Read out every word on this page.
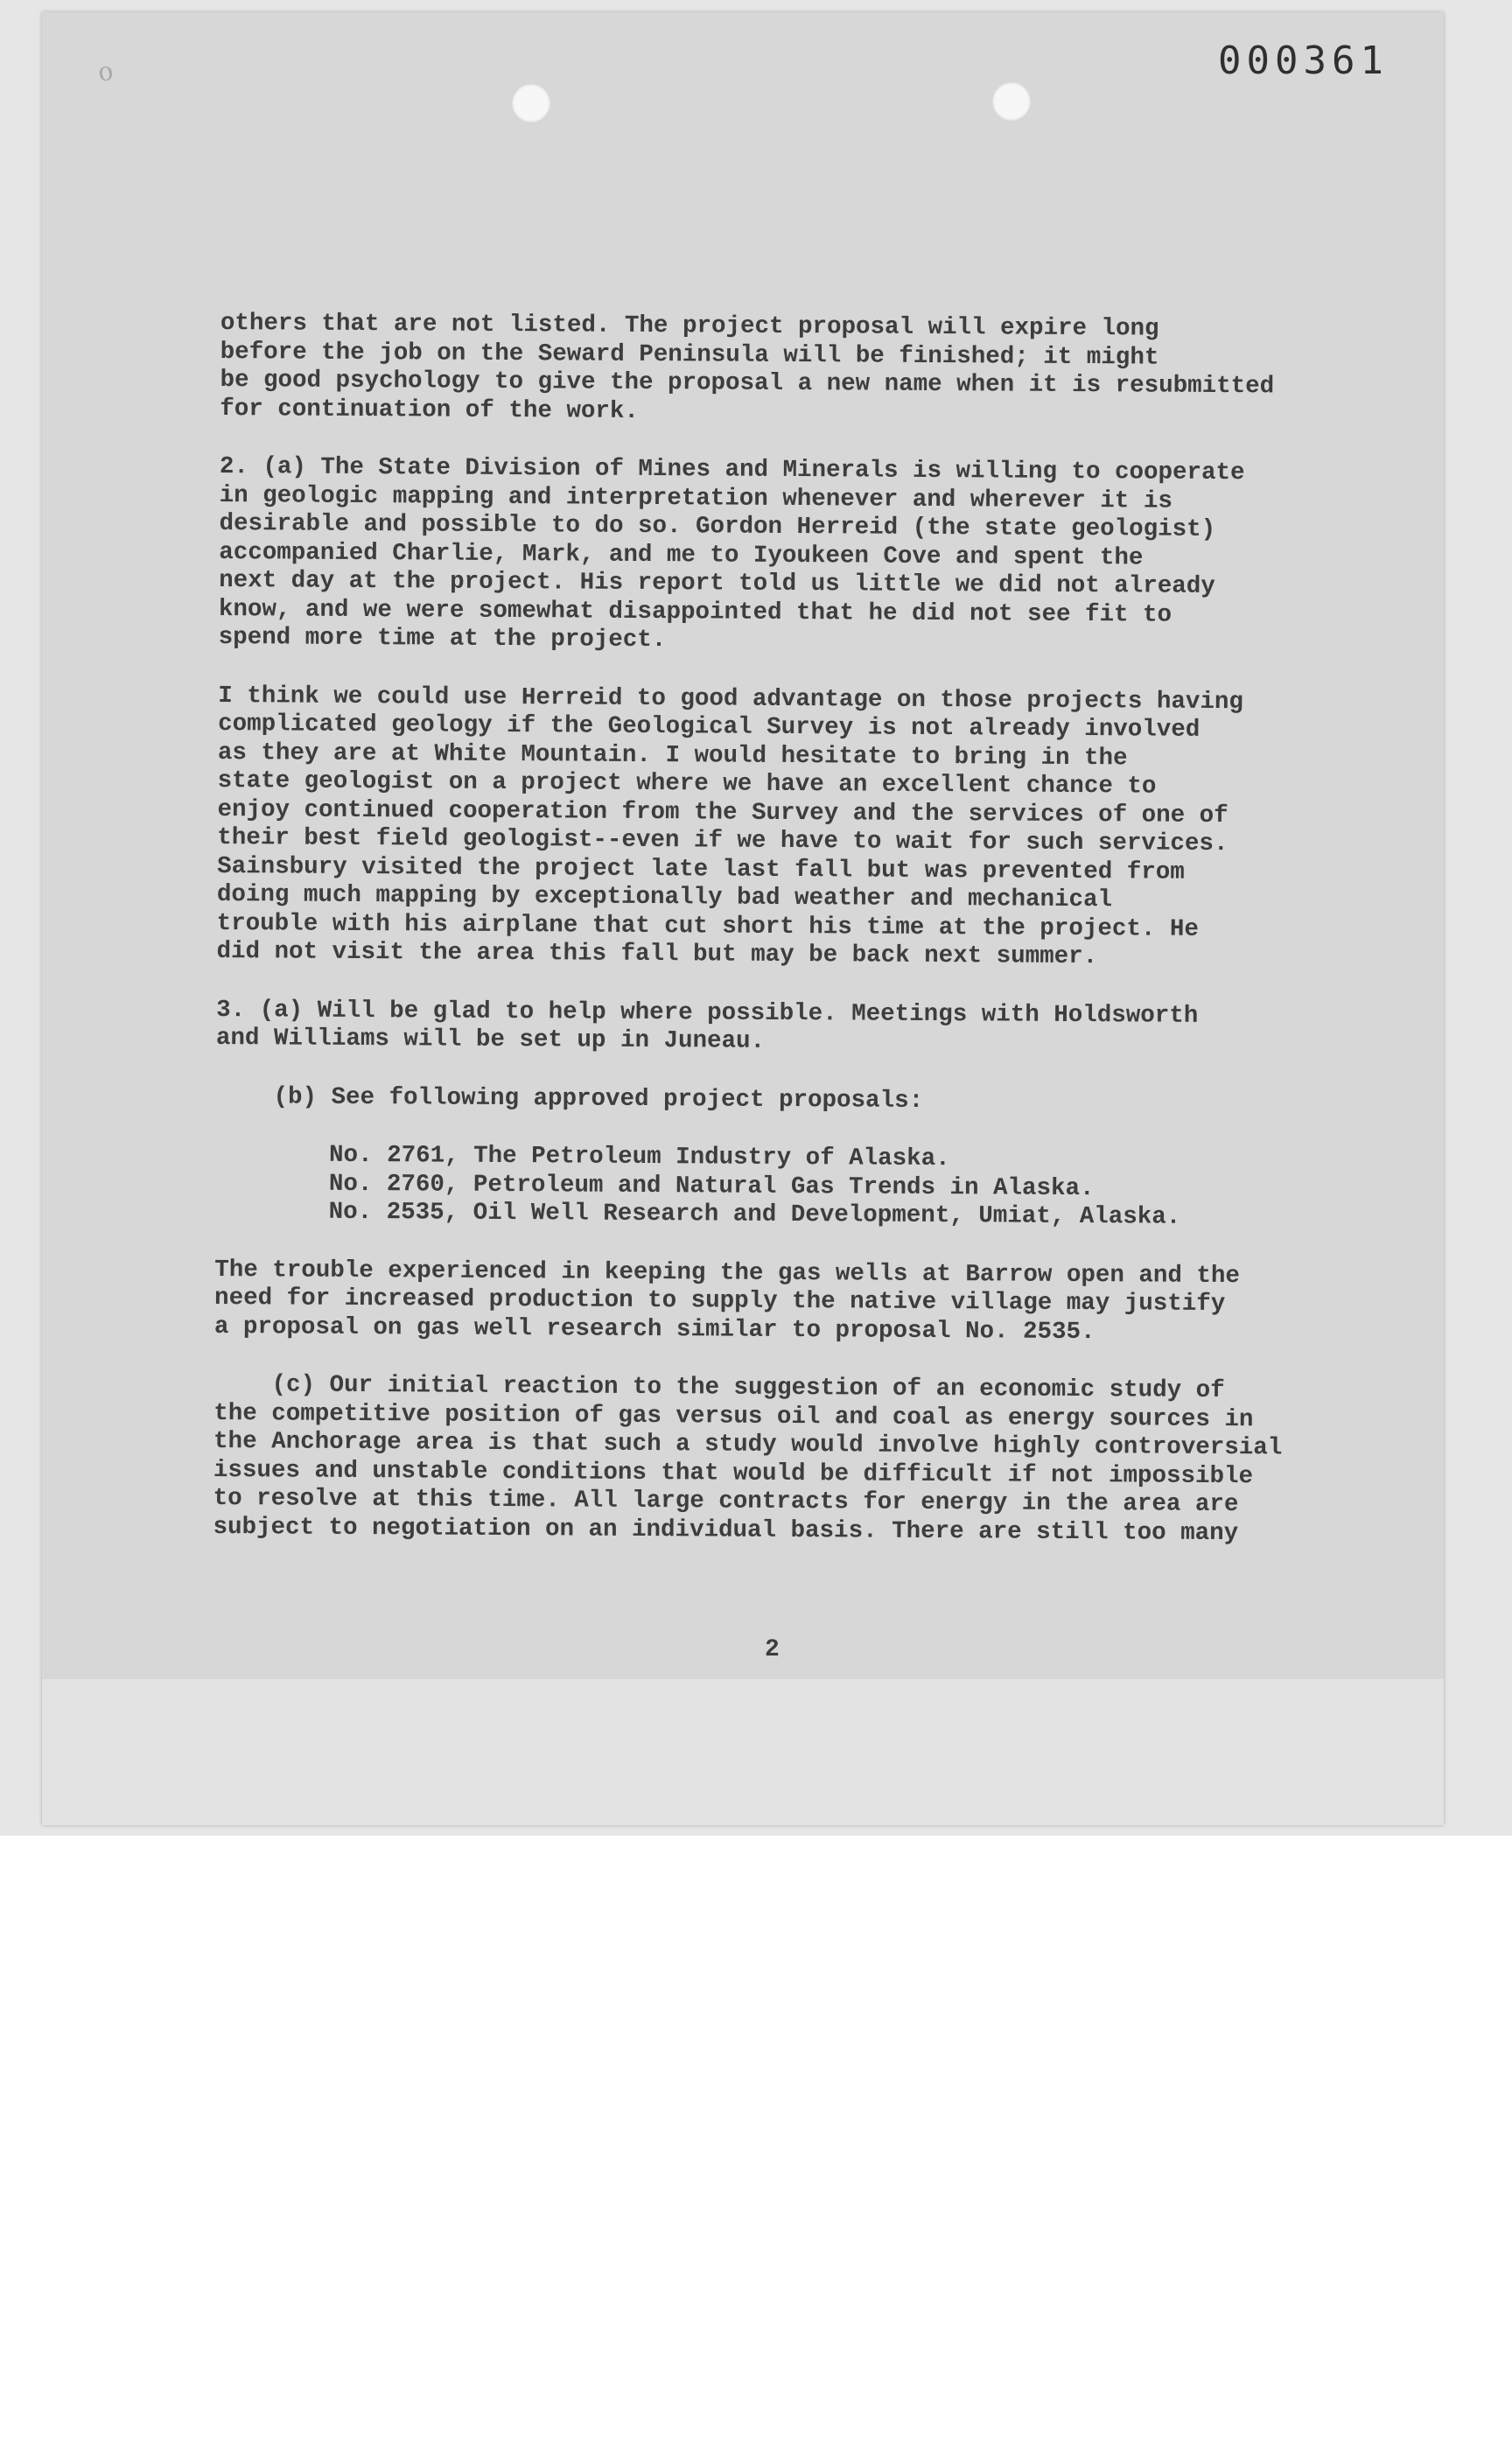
ℴ	000361

others that are not listed. The project proposal will expire long
before the job on the Seward Peninsula will be finished; it might
be good psychology to give the proposal a new name when it is resubmitted
for continuation of the work.

2. (a) The State Division of Mines and Minerals is willing to cooperate
in geologic mapping and interpretation whenever and wherever it is
desirable and possible to do so. Gordon Herreid (the state geologist)
accompanied Charlie, Mark, and me to Iyoukeen Cove and spent the
next day at the project. His report told us little we did not already
know, and we were somewhat disappointed that he did not see fit to
spend more time at the project.

I think we could use Herreid to good advantage on those projects having
complicated geology if the Geological Survey is not already involved
as they are at White Mountain. I would hesitate to bring in the
state geologist on a project where we have an excellent chance to
enjoy continued cooperation from the Survey and the services of one of
their best field geologist--even if we have to wait for such services.
Sainsbury visited the project late last fall but was prevented from
doing much mapping by exceptionally bad weather and mechanical
trouble with his airplane that cut short his time at the project. He
did not visit the area this fall but may be back next summer.

3. (a) Will be glad to help where possible. Meetings with Holdsworth
and Williams will be set up in Juneau.

(b) See following approved project proposals:

No. 2761, The Petroleum Industry of Alaska.
No. 2760, Petroleum and Natural Gas Trends in Alaska.
No. 2535, Oil Well Research and Development, Umiat, Alaska.

The trouble experienced in keeping the gas wells at Barrow open and the
need for increased production to supply the native village may justify
a proposal on gas well research similar to proposal No. 2535.

(c) Our initial reaction to the suggestion of an economic study of
the competitive position of gas versus oil and coal as energy sources in
the Anchorage area is that such a study would involve highly controversial
issues and unstable conditions that would be difficult if not impossible
to resolve at this time. All large contracts for energy in the area are
subject to negotiation on an individual basis. There are still too many

2
